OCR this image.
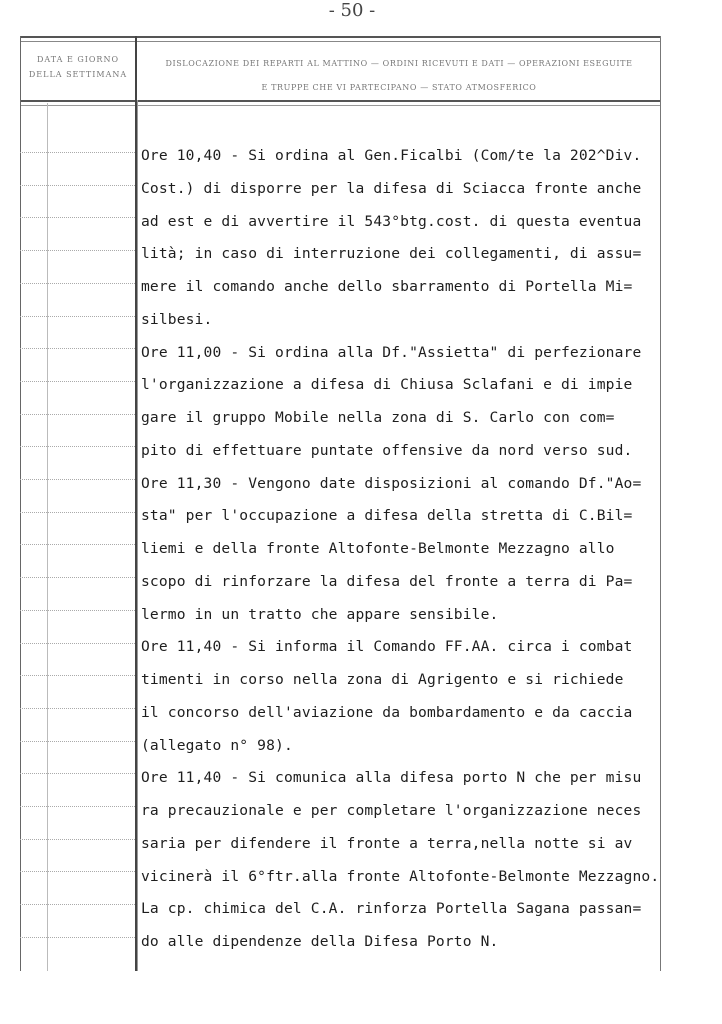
- 50 -
DATA E GIORNO
DELLA SETTIMANA
DISLOCAZIONE DEI REPARTI AL MATTINO — ORDINI RICEVUTI E DATI — OPERAZIONI ESEGUITE
E TRUPPE CHE VI PARTECIPANO — STATO ATMOSFERICO
Ore 10,40 - Si ordina al Gen.Ficalbi (Com/te la 202^Div.
Cost.) di disporre per la difesa di Sciacca fronte anche
ad est e di avvertire il 543°btg.cost. di questa eventua
lità; in caso di interruzione dei collegamenti, di assu=
mere il comando anche dello sbarramento di Portella Mi=
silbesi.
Ore 11,00 - Si ordina alla Df."Assietta" di perfezionare
l'organizzazione a difesa di Chiusa Sclafani e di impie
gare il gruppo Mobile nella zona di S. Carlo con com=
pito di effettuare puntate offensive da nord verso sud.
Ore 11,30 - Vengono date disposizioni al comando Df."Ao=
sta" per l'occupazione a difesa della stretta di C.Bil=
liemi e della fronte Altofonte-Belmonte Mezzagno allo
scopo di rinforzare la difesa del fronte a terra di Pa=
lermo in un tratto che appare sensibile.
Ore 11,40 - Si informa il Comando FF.AA. circa i combat
timenti in corso nella zona di Agrigento e si richiede
il concorso dell'aviazione da bombardamento e da caccia
(allegato n° 98).
Ore 11,40 - Si comunica alla difesa porto N che per misu
ra precauzionale e per completare l'organizzazione neces
saria per difendere il fronte a terra,nella notte si av
vicinerà il 6°ftr.alla fronte Altofonte-Belmonte Mezzagno.
La cp. chimica del C.A. rinforza Portella Sagana passan=
do alle dipendenze della Difesa Porto N.
